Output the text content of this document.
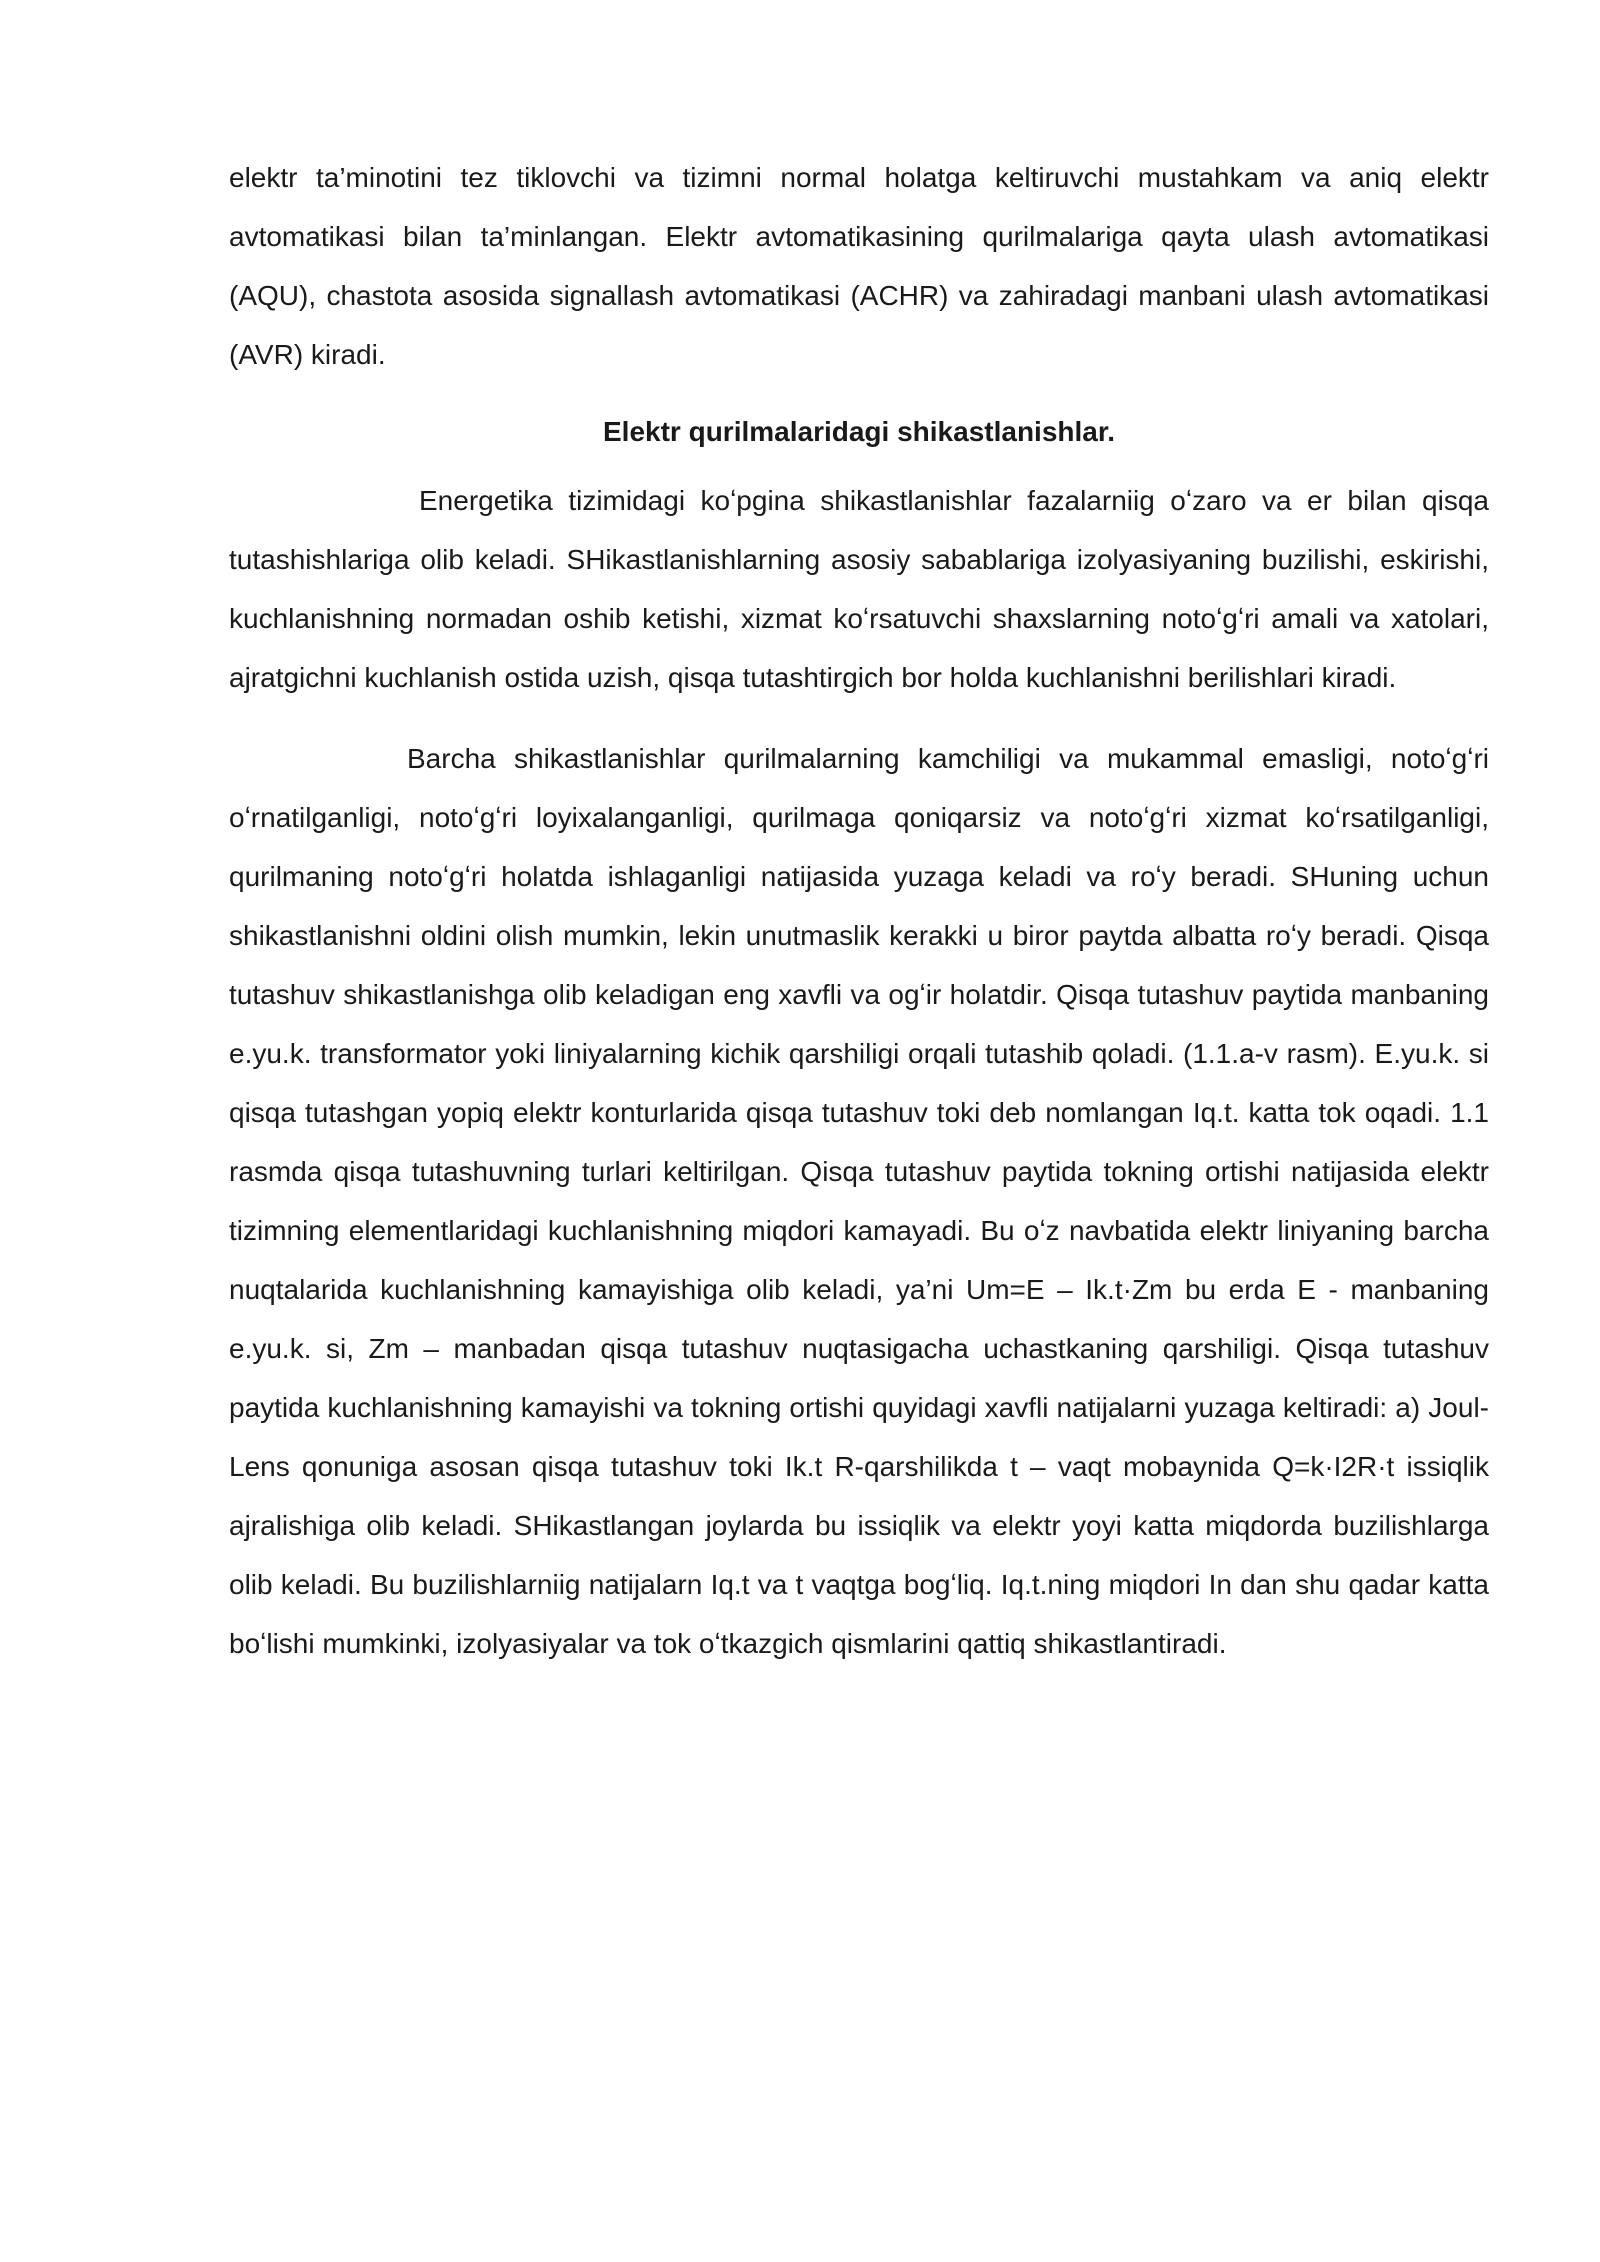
elektr ta’minotini tez tiklovchi va tizimni normal holatga keltiruvchi mustahkam va aniq elektr avtomatikasi bilan ta’minlangan. Elektr avtomatikasining qurilmalariga qayta ulash avtomatikasi (AQU), chastota asosida signallash avtomatikasi (ACHR) va zahiradagi manbani ulash avtomatikasi (AVR) kiradi.

Elektr qurilmalaridagi shikastlanishlar.

Energetika tizimidagi koʻpgina shikastlanishlar fazalarniig oʻzaro va er bilan qisqa tutashishlariga olib keladi. SHikastlanishlarning asosiy sabablariga izolyasiyaning buzilishi, eskirishi, kuchlanishning normadan oshib ketishi, xizmat koʻrsatuvchi shaxslarning notoʻgʻri amali va xatolari, ajratgichni kuchlanish ostida uzish, qisqa tutashtirgich bor holda kuchlanishni berilishlari kiradi.

Barcha shikastlanishlar qurilmalarning kamchiligi va mukammal emasligi, notoʻgʻri oʻrnatilganligi, notoʻgʻri loyixalanganligi, qurilmaga qoniqarsiz va notoʻgʻri xizmat koʻrsatilganligi, qurilmaning notoʻgʻri holatda ishlaganligi natijasida yuzaga keladi va roʻy beradi. SHuning uchun shikastlanishni oldini olish mumkin, lekin unutmaslik kerakki u biror paytda albatta roʻy beradi. Qisqa tutashuv shikastlanishga olib keladigan eng xavfli va ogʻir holatdir. Qisqa tutashuv paytida manbaning e.yu.k. transformator yoki liniyalarning kichik qarshiligi orqali tutashib qoladi. (1.1.a-v rasm). E.yu.k. si qisqa tutashgan yopiq elektr konturlarida qisqa tutashuv toki deb nomlangan Iq.t. katta tok oqadi. 1.1 rasmda qisqa tutashuvning turlari keltirilgan. Qisqa tutashuv paytida tokning ortishi natijasida elektr tizimning elementlaridagi kuchlanishning miqdori kamayadi. Bu oʻz navbatida elektr liniyaning barcha nuqtalarida kuchlanishning kamayishiga olib keladi, ya’ni Um=E – Ik.t·Zm bu erda E - manbaning e.yu.k. si, Zm – manbadan qisqa tutashuv nuqtasigacha uchastkaning qarshiligi. Qisqa tutashuv paytida kuchlanishning kamayishi va tokning ortishi quyidagi xavfli natijalarni yuzaga keltiradi: a) Joul-Lens qonuniga asosan qisqa tutashuv toki Ik.t R-qarshilikda t – vaqt mobaynida Q=k·I2R·t issiqlik ajralishiga olib keladi. SHikastlangan joylarda bu issiqlik va elektr yoyi katta miqdorda buzilishlarga olib keladi. Bu buzilishlarniig natijalarn Iq.t va t vaqtga bogʻliq. Iq.t.ning miqdori In dan shu qadar katta boʻlishi mumkinki, izolyasiyalar va tok oʻtkazgich qismlarini qattiq shikastlantiradi.
